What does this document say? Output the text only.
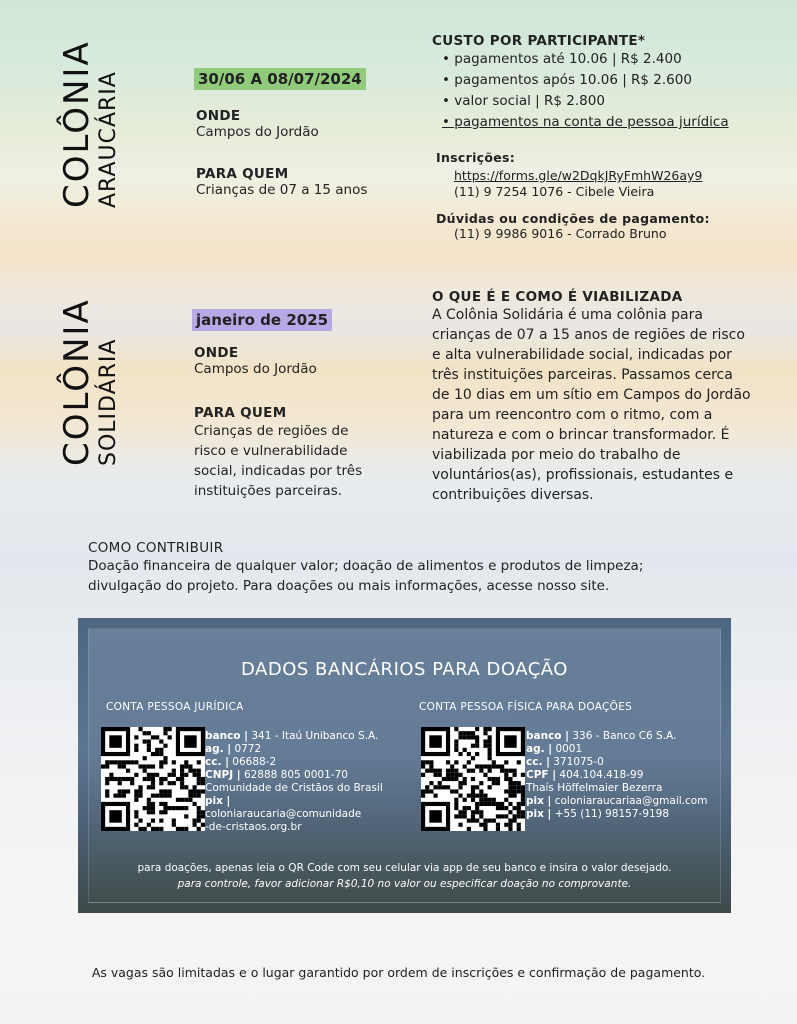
COLÔNIA ARAUCÁRIA	30/06 A 08/07/2024
ONDE
Campos do Jordão
PARA QUEM
Crianças de 07 a 15 anos
CUSTO POR PARTICIPANTE*
• pagamentos até 10.06 | R$ 2.400
• pagamentos após 10.06 | R$ 2.600
• valor social | R$ 2.800
• pagamentos na conta de pessoa jurídica
Inscrições:
https://forms.gle/w2DqkJRyFmhW26ay9
(11) 9 7254 1076 - Cibele Vieira
Dúvidas ou condições de pagamento:
(11) 9 9986 9016 - Corrado Bruno
COLÔNIA SOLIDÁRIA
janeiro de 2025
ONDE
Campos do Jordão
PARA QUEM
Crianças de regiões de risco e vulnerabilidade social, indicadas por três instituições parceiras.
O QUE É E COMO É VIABILIZADA
A Colônia Solidária é uma colônia para crianças de 07 a 15 anos de regiões de risco e alta vulnerabilidade social, indicadas por três instituições parceiras. Passamos cerca de 10 dias em um sítio em Campos do Jordão para um reencontro com o ritmo, com a natureza e com o brincar transformador. É viabilizada por meio do trabalho de voluntários(as), profissionais, estudantes e contribuições diversas.
COMO CONTRIBUIR
Doação financeira de qualquer valor; doação de alimentos e produtos de limpeza; divulgação do projeto. Para doações ou mais informações, acesse nosso site.
DADOS BANCÁRIOS PARA DOAÇÃO
CONTA PESSOA JURÍDICA
banco | 341 - Itaú Unibanco S.A.
ag. | 0772
cc. | 06688-2
CNPJ | 62888 805 0001-70
Comunidade de Cristãos do Brasil
pix | coloniaraucaria@comunidade
-de-cristaos.org.br
CONTA PESSOA FÍSICA PARA DOAÇÕES
banco | 336 - Banco C6 S.A.
ag. | 0001
cc. | 371075-0
CPF | 404.104.418-99
Thaís Höffelmaier Bezerra
pix | coloniaraucariaa@gmail.com
pix | +55 (11) 98157-9198
para doações, apenas leia o QR Code com seu celular via app de seu banco e insira o valor desejado.
para controle, favor adicionar R$0,10 no valor ou especificar doação no comprovante.
As vagas são limitadas e o lugar garantido por ordem de inscrições e confirmação de pagamento.
